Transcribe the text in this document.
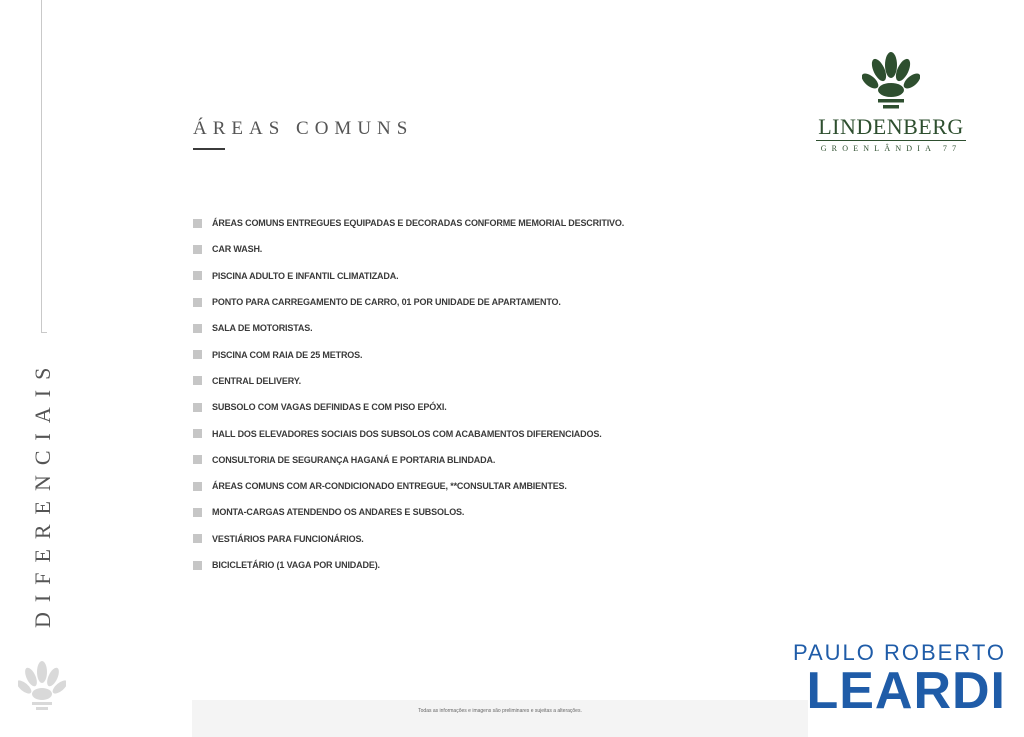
DIFERENCIAIS
ÁREAS COMUNS	LINDENBERG
GROENLÂNDIA 77
ÁREAS COMUNS ENTREGUES EQUIPADAS E DECORADAS CONFORME MEMORIAL DESCRITIVO.
CAR WASH.
PISCINA ADULTO E INFANTIL CLIMATIZADA.
PONTO PARA CARREGAMENTO DE CARRO, 01 POR UNIDADE DE APARTAMENTO.
SALA DE MOTORISTAS.
PISCINA COM RAIA DE 25 METROS.
CENTRAL DELIVERY.
SUBSOLO COM VAGAS DEFINIDAS E COM PISO EPÓXI.
HALL DOS ELEVADORES SOCIAIS DOS SUBSOLOS COM ACABAMENTOS DIFERENCIADOS.
CONSULTORIA DE SEGURANÇA HAGANÁ E PORTARIA BLINDADA.
ÁREAS COMUNS COM AR-CONDICIONADO ENTREGUE, **CONSULTAR AMBIENTES.
MONTA-CARGAS ATENDENDO OS ANDARES E SUBSOLOS.
VESTIÁRIOS PARA FUNCIONÁRIOS.
BICICLETÁRIO (1 VAGA POR UNIDADE).
Todas as informações e imagens são preliminares e sujeitas a alterações.
PAULO ROBERTO
LEARDI
